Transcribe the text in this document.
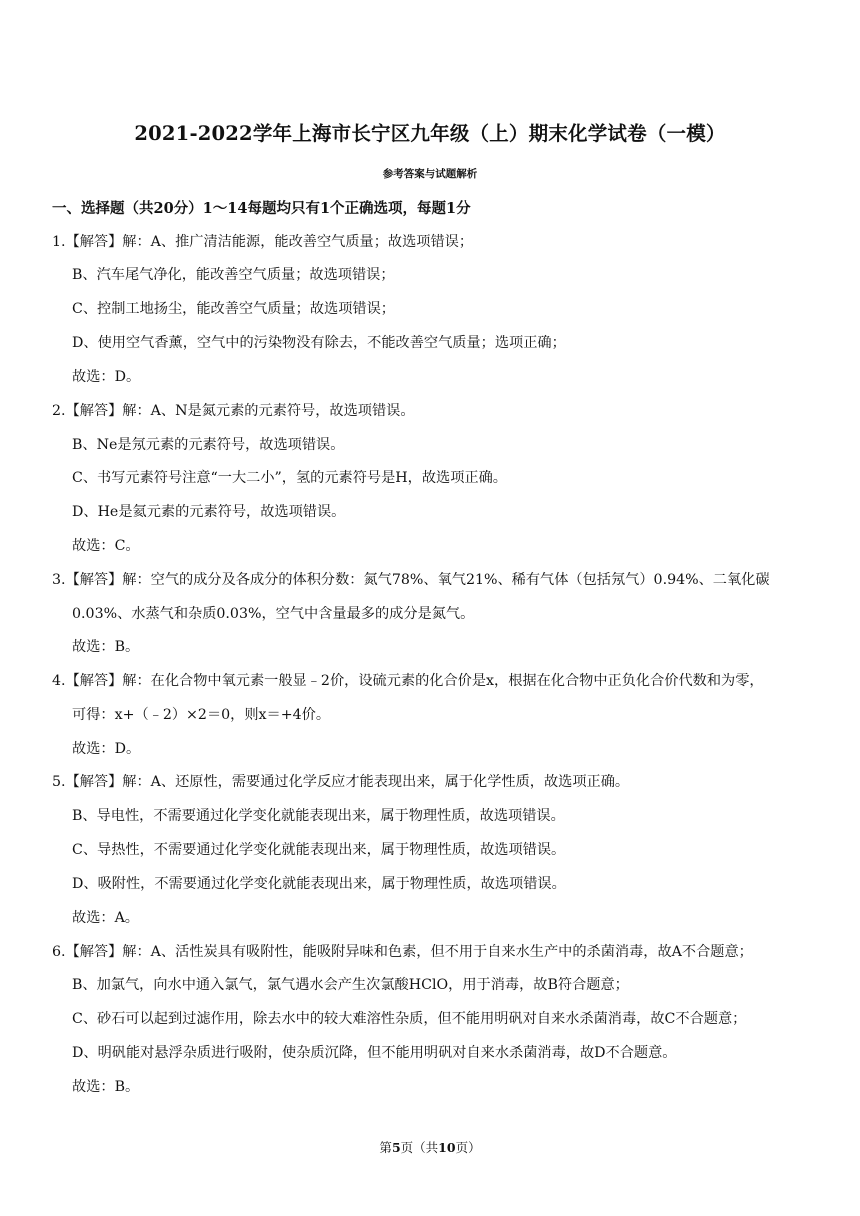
2021-2022学年上海市长宁区九年级（上）期末化学试卷（一模）
参考答案与试题解析
一、选择题（共20分）1～14每题均只有1个正确选项，每题1分
1.【解答】解：A、推广清洁能源，能改善空气质量；故选项错误；
B、汽车尾气净化，能改善空气质量；故选项错误；
C、控制工地扬尘，能改善空气质量；故选项错误；
D、使用空气香薰，空气中的污染物没有除去，不能改善空气质量；选项正确；
故选：D。
2.【解答】解：A、N是氮元素的元素符号，故选项错误。
B、Ne是氖元素的元素符号，故选项错误。
C、书写元素符号注意“一大二小”，氢的元素符号是H，故选项正确。
D、He是氦元素的元素符号，故选项错误。
故选：C。
3.【解答】解：空气的成分及各成分的体积分数：氮气78%、氧气21%、稀有气体（包括氖气）0.94%、二氧化碳
0.03%、水蒸气和杂质0.03%，空气中含量最多的成分是氮气。
故选：B。
4.【解答】解：在化合物中氧元素一般显﹣2价，设硫元素的化合价是x，根据在化合物中正负化合价代数和为零，
可得：x+（﹣2）×2＝0，则x＝+4价。
故选：D。
5.【解答】解：A、还原性，需要通过化学反应才能表现出来，属于化学性质，故选项正确。
B、导电性，不需要通过化学变化就能表现出来，属于物理性质，故选项错误。
C、导热性，不需要通过化学变化就能表现出来，属于物理性质，故选项错误。
D、吸附性，不需要通过化学变化就能表现出来，属于物理性质，故选项错误。
故选：A。
6.【解答】解：A、活性炭具有吸附性，能吸附异味和色素，但不用于自来水生产中的杀菌消毒，故A不合题意；
B、加氯气，向水中通入氯气，氯气遇水会产生次氯酸HClO，用于消毒，故B符合题意；
C、砂石可以起到过滤作用，除去水中的较大难溶性杂质，但不能用明矾对自来水杀菌消毒，故C不合题意；
D、明矾能对悬浮杂质进行吸附，使杂质沉降，但不能用明矾对自来水杀菌消毒，故D不合题意。
故选：B。
第5页（共10页）
